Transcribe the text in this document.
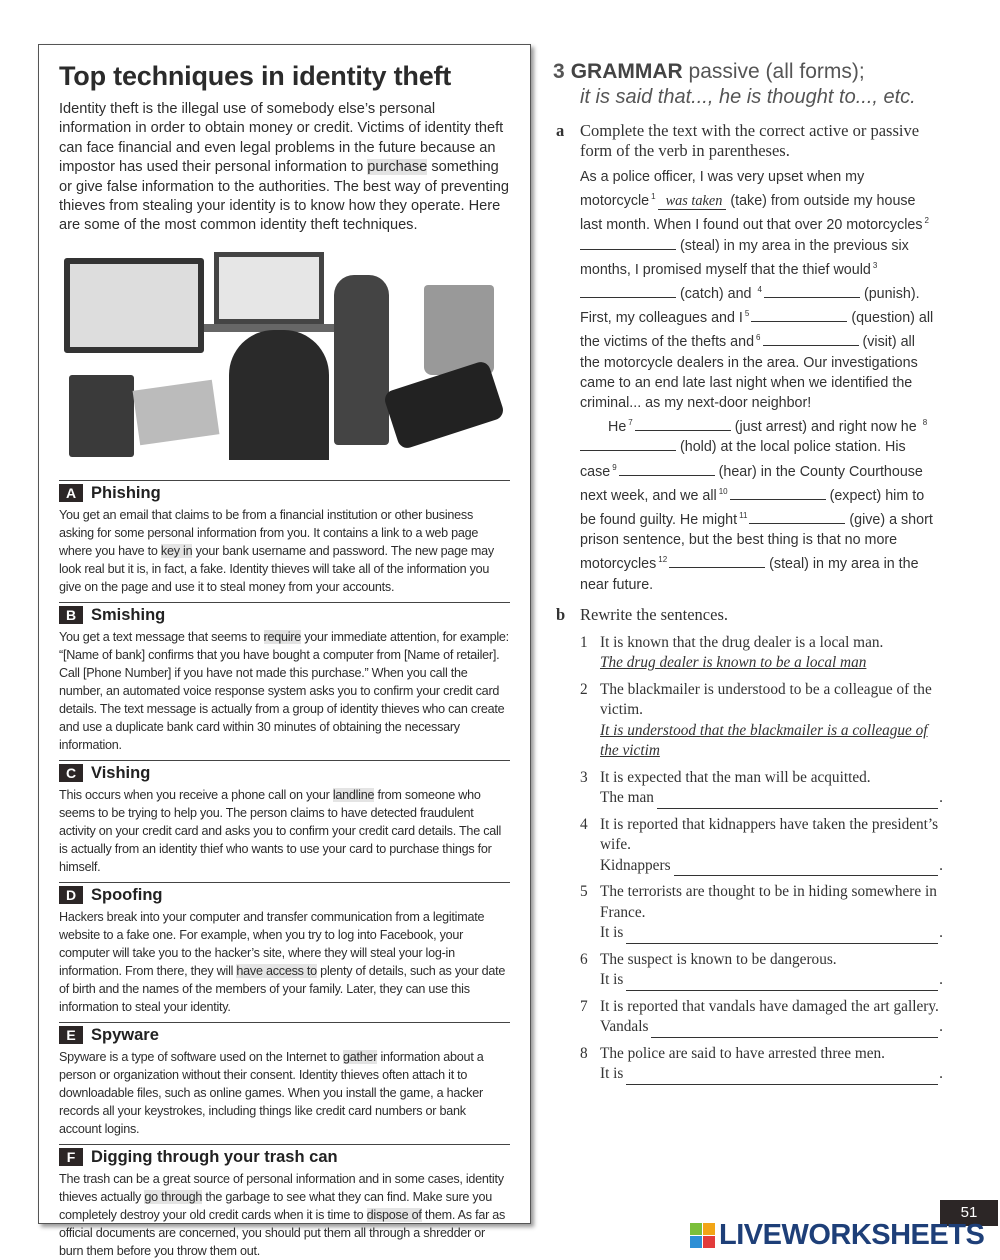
Top techniques in identity theft

Identity theft is the illegal use of somebody else’s personal information in order to obtain money or credit. Victims of identity theft can face financial and even legal problems in the future because an impostor has used their personal information to purchase something or give false information to the authorities. The best way of preventing thieves from stealing your identity is to know how they operate. Here are some of the most common identity theft techniques.

A Phishing

You get an email that claims to be from a financial institution or other business asking for some personal information from you. It contains a link to a web page where you have to key in your bank username and password. The new page may look real but it is, in fact, a fake. Identity thieves will take all of the information you give on the page and use it to steal money from your accounts.

B Smishing

You get a text message that seems to require your immediate attention, for example: “[Name of bank] confirms that you have bought a computer from [Name of retailer]. Call [Phone Number] if you have not made this purchase.” When you call the number, an automated voice response system asks you to confirm your credit card details. The text message is actually from a group of identity thieves who can create and use a duplicate bank card within 30 minutes of obtaining the necessary information.

C Vishing

This occurs when you receive a phone call on your landline from someone who seems to be trying to help you. The person claims to have detected fraudulent activity on your credit card and asks you to confirm your credit card details. The call is actually from an identity thief who wants to use your card to purchase things for himself.

D Spoofing

Hackers break into your computer and transfer communication from a legitimate website to a fake one. For example, when you try to log into Facebook, your computer will take you to the hacker’s site, where they will steal your log-in information. From there, they will have access to plenty of details, such as your date of birth and the names of the members of your family. Later, they can use this information to steal your identity.

E Spyware

Spyware is a type of software used on the Internet to gather information about a person or organization without their consent. Identity thieves often attach it to downloadable files, such as online games. When you install the game, a hacker records all your keystrokes, including things like credit card numbers or bank account logins.

F Digging through your trash can

The trash can be a great source of personal information and in some cases, identity thieves actually go through the garbage to see what they can find. Make sure you completely destroy your old credit cards when it is time to dispose of them. As far as official documents are concerned, you should put them all through a shredder or burn them before you throw them out.

3 GRAMMAR passive (all forms);
it is said that..., he is thought to..., etc.
a Complete the text with the correct active or passive form of the verb in parentheses.
As a police officer, I was very upset when my motorcycle $^1$ was taken (take) from outside my house last month. When I found out that over 20 motorcycles $^2$ (steal) in my area in the previous six months, I promised myself that the thief would $^3$ (catch) and $^4$	(punish). First, my colleagues and I $^5$	(question) all the victims of the thefts and $^6$	(visit) all the motorcycle dealers in the area. Our investigations came to an end late last night when we identified the criminal... as my next-door neighbor!
He $^7$	(just arrest) and right now he $^8$ (hold) at the local police station. His case $^9$	(hear) in the County Courthouse next week, and we all $^{10}$	(expect) him to be found guilty. He might $^{11}$	(give) a short prison sentence, but the best thing is that no more motorcycles $^{12}$	(steal) in my area in the near future.
b Rewrite the sentences.
1 It is known that the drug dealer is a local man.
The drug dealer is known to be a local man
2 The blackmailer is understood to be a colleague of the victim.
It is understood that the blackmailer is a colleague of the victim
3 It is expected that the man will be acquitted.
The man	.
4 It is reported that kidnappers have taken the president’s wife.
Kidnappers	.
5 The terrorists are thought to be in hiding somewhere in France.
It is	.
6 The suspect is known to be dangerous.
It is	.
7 It is reported that vandals have damaged the art gallery.
Vandals	.
8 The police are said to have arrested three men.
It is	.
51
LIVEWORKSHEETS
